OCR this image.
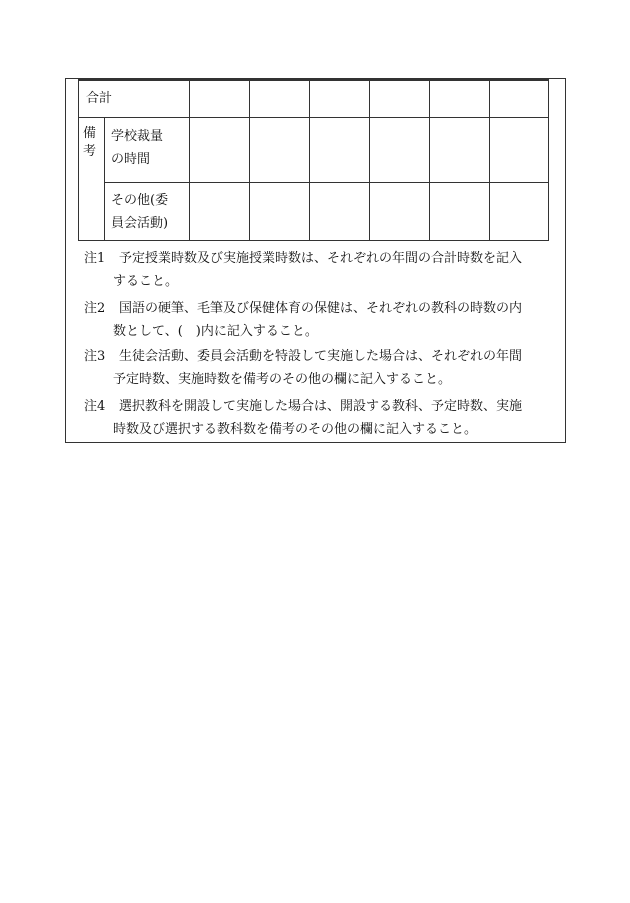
合計
備
考
学校裁量
の時間
その他(委
員会活動)
注1 予定授業時数及び実施授業時数は、それぞれの年間の合計時数を記入
すること。
注2 国語の硬筆、毛筆及び保健体育の保健は、それぞれの教科の時数の内
数として、(　)内に記入すること。
注3 生徒会活動、委員会活動を特設して実施した場合は、それぞれの年間
予定時数、実施時数を備考のその他の欄に記入すること。
注4 選択教科を開設して実施した場合は、開設する教科、予定時数、実施
時数及び選択する教科数を備考のその他の欄に記入すること。
